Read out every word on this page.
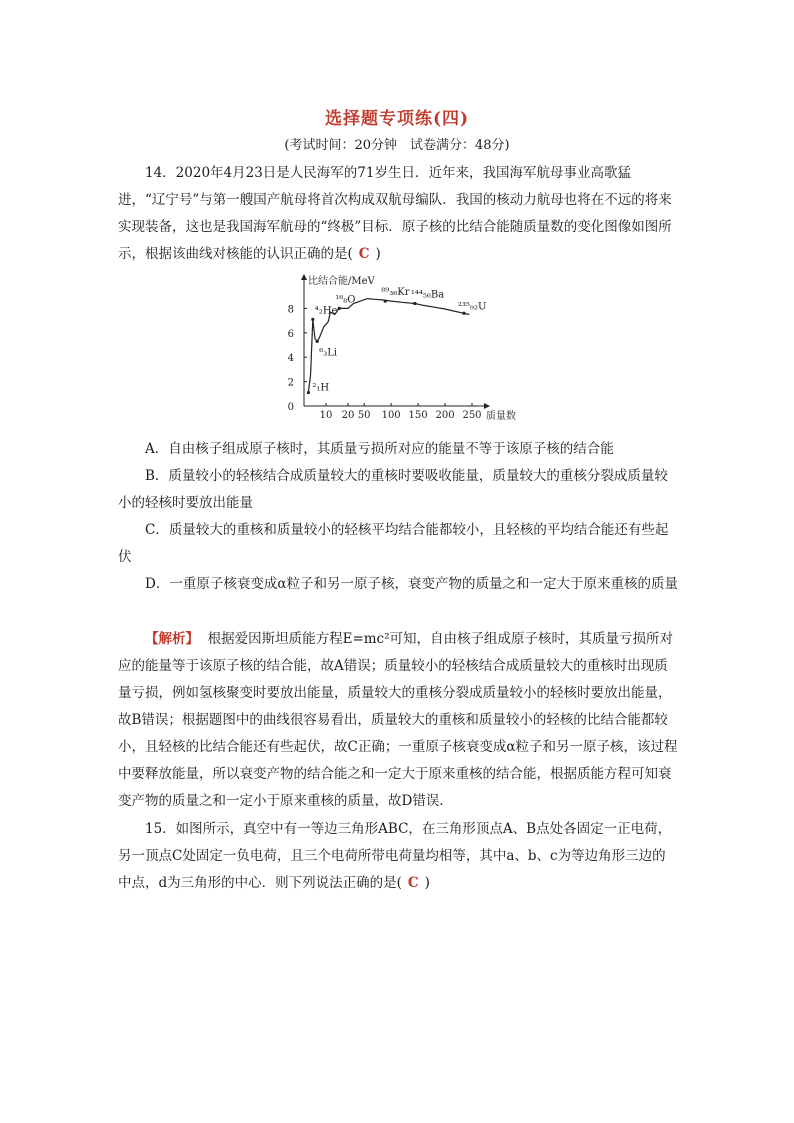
选择题专项练(四)
(考试时间：20分钟　试卷满分：48分)
14．2020年4月23日是人民海军的71岁生日．近年来，我国海军航母事业高歌猛进，“辽宁号”与第一艘国产航母将首次构成双航母编队．我国的核动力航母也将在不远的将来实现装备，这也是我国海军航母的“终极”目标．原子核的比结合能随质量数的变化图像如图所示，根据该曲线对核能的认识正确的是( C )
0
2
4
6
8
10 20 50 100 150 200 250
比结合能/MeV
质量数
²₁H
⁴₂He
⁶₃Li
¹⁶₈O
⁸⁹₃₆Kr ¹⁴⁴₅₆Ba
²³⁵₉₂U
A．自由核子组成原子核时，其质量亏损所对应的能量不等于该原子核的结合能
B．质量较小的轻核结合成质量较大的重核时要吸收能量，质量较大的重核分裂成质量较小的轻核时要放出能量
C．质量较大的重核和质量较小的轻核平均结合能都较小，且轻核的平均结合能还有些起伏
D．一重原子核衰变成α粒子和另一原子核，衰变产物的质量之和一定大于原来重核的质量
【解析】 根据爱因斯坦质能方程E=mc²可知，自由核子组成原子核时，其质量亏损所对应的能量等于该原子核的结合能，故A错误；质量较小的轻核结合成质量较大的重核时出现质量亏损，例如氢核聚变时要放出能量，质量较大的重核分裂成质量较小的轻核时要放出能量，故B错误；根据题图中的曲线很容易看出，质量较大的重核和质量较小的轻核的比结合能都较小，且轻核的比结合能还有些起伏，故C正确；一重原子核衰变成α粒子和另一原子核，该过程中要释放能量，所以衰变产物的结合能之和一定大于原来重核的结合能，根据质能方程可知衰变产物的质量之和一定小于原来重核的质量，故D错误．
15．如图所示，真空中有一等边三角形ABC，在三角形顶点A、B点处各固定一正电荷，另一顶点C处固定一负电荷，且三个电荷所带电荷量均相等，其中a、b、c为等边角形三边的中点，d为三角形的中心．则下列说法正确的是( C )
